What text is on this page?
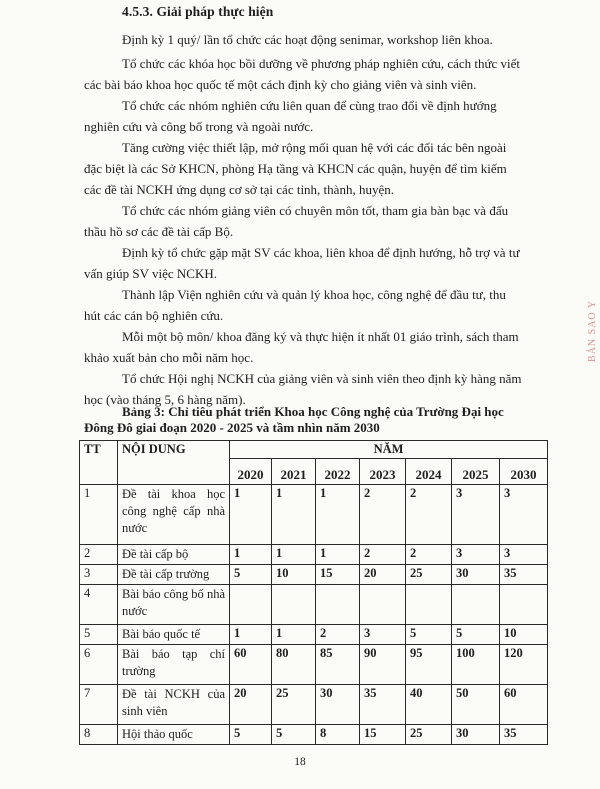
4.5.3. Giải pháp thực hiện
Định kỳ 1 quý/ lần tổ chức các hoạt động senimar, workshop liên khoa.
Tổ chức các khóa học bồi dưỡng về phương pháp nghiên cứu, cách thức viết
các bài báo khoa học quốc tế một cách định kỳ cho giảng viên và sinh viên.
Tổ chức các nhóm nghiên cứu liên quan để cùng trao đổi về định hướng
nghiên cứu và công bố trong và ngoài nước.
Tăng cường việc thiết lập, mở rộng mối quan hệ với các đối tác bên ngoài
đặc biệt là các Sở KHCN, phòng Hạ tầng và KHCN các quận, huyện để tìm kiếm
các đề tài NCKH ứng dụng cơ sở tại các tỉnh, thành, huyện.
Tổ chức các nhóm giảng viên có chuyên môn tốt, tham gia bàn bạc và đấu
thầu hồ sơ các đề tài cấp Bộ.
Định kỳ tổ chức gặp mặt SV các khoa, liên khoa để định hướng, hỗ trợ và tư
vấn giúp SV việc NCKH.
Thành lập Viện nghiên cứu và quản lý khoa học, công nghệ để đầu tư, thu
hút các cán bộ nghiên cứu.
Mỗi một bộ môn/ khoa đăng ký và thực hiện ít nhất 01 giáo trình, sách tham
khảo xuất bản cho mỗi năm học.
Tổ chức Hội nghị NCKH của giảng viên và sinh viên theo định kỳ hàng năm
học (vào tháng 5, 6 hàng năm).
Bảng 3: Chỉ tiêu phát triển Khoa học Công nghệ của Trường Đại học
Đông Đô giai đoạn 2020 - 2025 và tầm nhìn năm 2030
TT	NỘI DUNG	NĂM						
		2020	2021	2022	2023	2024	2025	2030
1	Đề tài khoa học công nghệ cấp nhà nước	1	1	1	2	2	3	3
2	Đề tài cấp bộ	1	1	1	2	2	3	3
3	Đề tài cấp trường	5	10	15	20	25	30	35
4	Bài báo công bố nhà nước							
5	Bài báo quốc tế	1	1	2	3	5	5	10
6	Bài báo tạp chí trường	60	80	85	90	95	100	120
7	Đề tài NCKH của sinh viên	20	25	30	35	40	50	60
8	Hội thảo quốc	5	5	8	15	25	30	35
18
BẢN SAO Y
